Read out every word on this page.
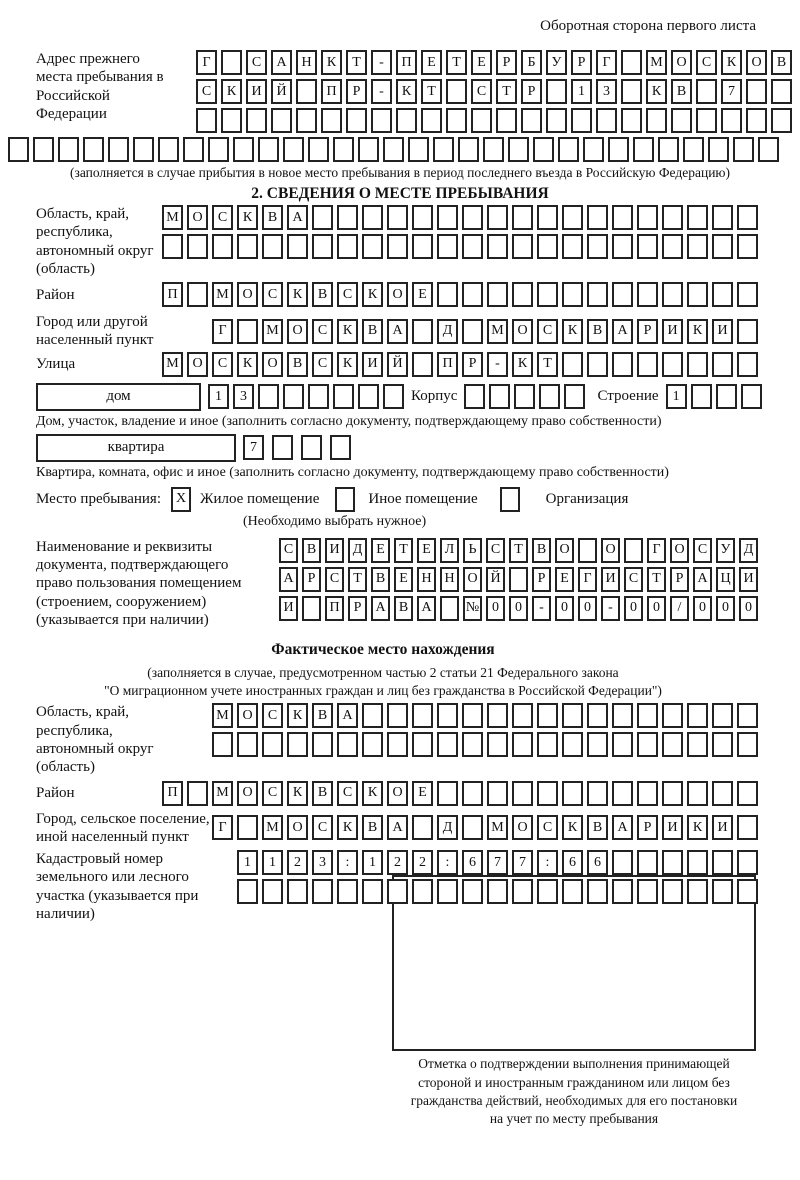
Оборотная сторона первого листа
Адрес прежнего места пребывания в Российской Федерации
Г	С	А	Н	К	Т	-	П	Е	Т	Е	Р	Б	У	Р	Г	М О	С	К	О	В
С	К	И	Й	П	Р	-	К	Т	С	Т	Р	1	3	К	В	7
(заполняется в случае прибытия в новое место пребывания в период последнего въезда в Российскую Федерацию)
2. СВЕДЕНИЯ О МЕСТЕ ПРЕБЫВАНИЯ
Область, край, республика, автономный округ (область)
М О	С	К	В	А
Район	П	М О	С	К	В	С	К	О	Е
Город или другой населенный пункт
Г	М О	С	К	В	А	Д	М О	С	К	В	А	Р	И	К	И
Улица	М О	С	К	О	В	С	К	И	Й	П	Р	-	К	Т
дом	1	3	Корпус	Строение	1
Дом, участок, владение и иное (заполнить согласно документу, подтверждающему право собственности)
квартира	7
Квартира, комната, офис и иное (заполнить согласно документу, подтверждающему право собственности)
Место пребывания:	X Жилое помещение	Иное помещение	Организация
(Необходимо выбрать нужное)
Наименование и реквизиты документа, подтверждающего право пользования помещением (строением, сооружением) (указывается при наличии)
С В И Д Е	Т	Е Л	Ь	С	Т	В О	О	Г О С У Д
А	Р	С	Т	В	Е Н Н О Й	Р	Е	Г И С	Т	Р	А Ц И
И	П	Р	А В А	№ 0	0	-	0	0	-	0	0	/	0	0	0
Фактическое место нахождения
(заполняется в случае, предусмотренном частью 2 статьи 21 Федерального закона
"О миграционном учете иностранных граждан и лиц без гражданства в Российской Федерации")
Область, край, республика, автономный округ (область)
М О	С	К	В	А
Район	П	М О	С	К	В	С	К	О	Е
Город, сельское поселение, иной населенный пункт
Г	М О	С	К	В	А	Д	М О	С	К	В	А	Р	И	К	И
Кадастровый номер земельного или лесного участка (указывается при наличии)
1	1	2	3	:	1	2	2	:	6	7	7	:	6	6
Отметка о подтверждении выполнения принимающей
стороной и иностранным гражданином или лицом без
гражданства действий, необходимых для его постановки
на учет по месту пребывания
